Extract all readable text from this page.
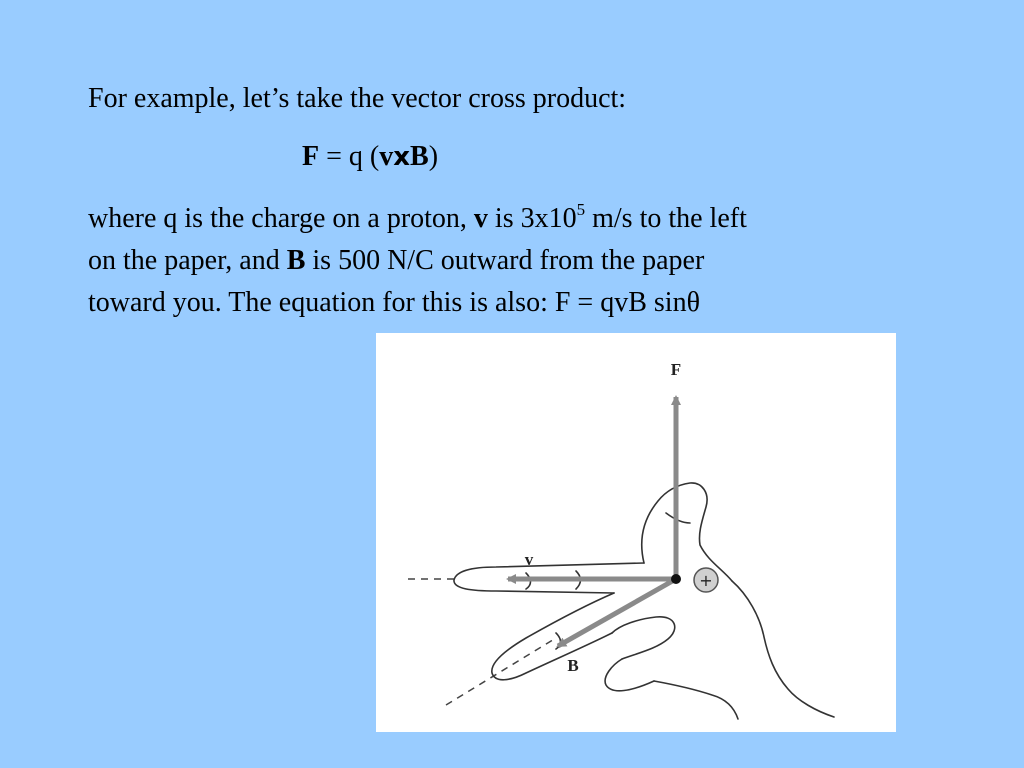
For example, let’s take the vector cross product:
F = q (vxB)
where q is the charge on a proton, v is $3x10^5$ m/s to the left
on the paper, and B is 500 N/C outward from the paper
toward you. The equation for this is also: F = qvB sinθ
+
F
v
B
